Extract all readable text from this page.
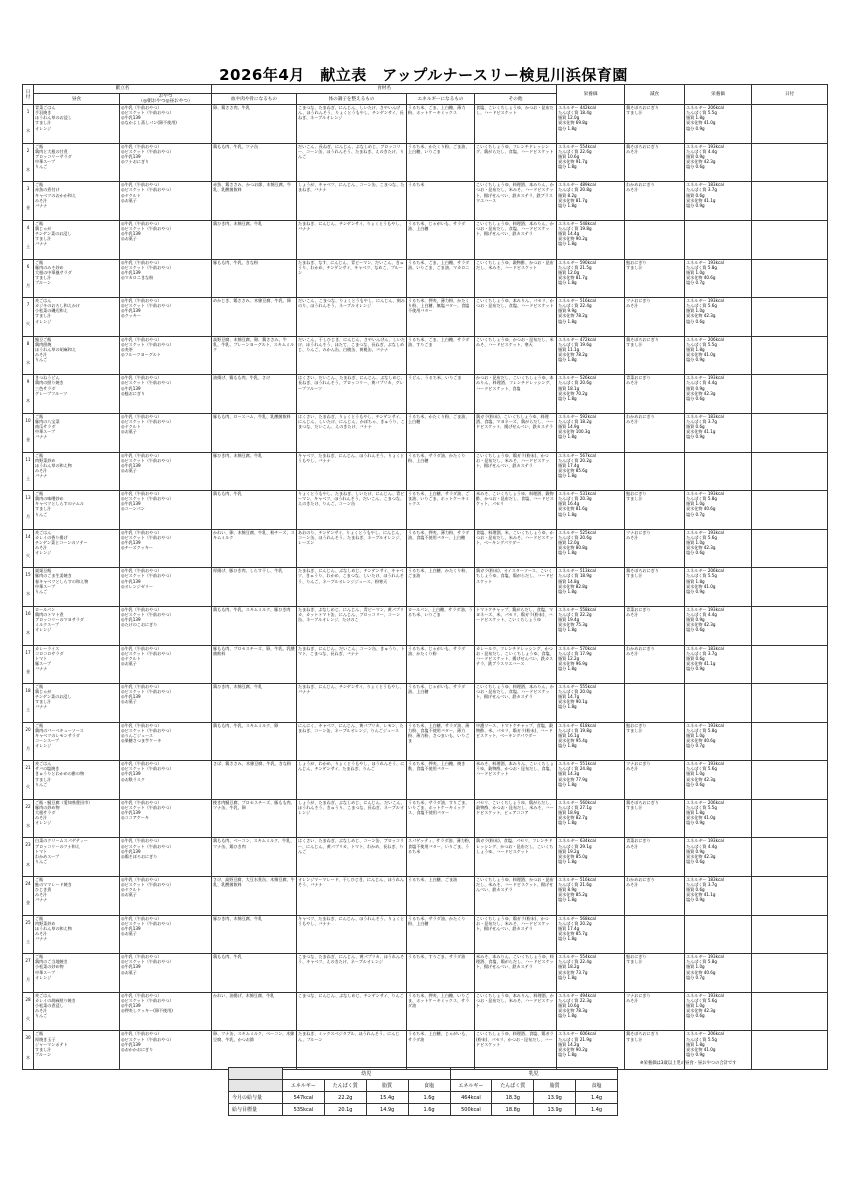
2026年4月　献立表　アップルナースリー検見川浜保育園
日付	献立名		食材名				栄養価	減食	栄養価	日付
	昼食	おやつ
（◎朝おやつ◎昼おやつ）	血や肉や骨になるもの	体の調子を整えるもの	エネルギーになるもの	その他				

1
水	青菜ごはん
手羽焼き
ほうれん草のお浸し
すまし汁
オレンジ	◎牛乳（午前おやつ）
◎ビスケット（午前おやつ）
◎牛乳139
◎なかよし蒸しパン(卵不使用)	卵、鶏ささ肉、牛乳	こまつな、たまねぎ、にんじん、しいたけ、さやいんげん、ほうれんそう、りょくとうもやし、チンゲンサイ、長ねぎ、ネーブルオレンジ	うるち米、ごま、上白糖、薄力粉、ホットケーキミックス	食塩、こいくちしょうゆ、かつお・昆布だし、ハードビスケット	エネルギー 442kcal
たんぱく質 18.4g
脂質 12.0g
炭水化物 69.8g
塩分 1.8g	鶏そぼろおにぎり
すまし汁	エネルギー 206kcal
たんぱく質 5.5g
脂質 1.8g
炭水化物 41.0g
塩分 0.9g	

2
木	ご飯
鶏肉と大根の甘煮
ブロッコリーサラダ
中華スープ
りんご	◎牛乳（午前おやつ）
◎ビスケット（午前おやつ）
◎牛乳139
◎ツナおにぎり	鶏もも肉、牛乳、ツナ缶	だいこん、長ねぎ、にんじん、ぶなしめじ、ブロッコリー、コーン缶、ほうれんそう、たまねぎ、えのきたけ、りんご	うるち米、かたくり粉、ごま油、上白糖、いりごま	こいくちしょうゆ、フレンチドレッシング、鶏がらだし、食塩、ハードビスケット	エネルギー 554kcal
たんぱく質 22.6g
脂質 10.6g
炭水化物 91.7g
塩分 1.8g	鶏そぼろおにぎり
みそ汁	エネルギー 193kcal
たんぱく質 4.4g
脂質 0.9g
炭水化物 42.3g
塩分 0.6g	

3
金	ご飯
赤魚の煮付け
キャベツのおかか和え
みそ汁
バナナ	◎牛乳（午前おやつ）
◎ビスケット（午前おやつ）
◎ヤクルト
◎お菓子	赤魚、鶏ささみ、かつお節、木綿豆腐、牛乳、乳酸菌飲料	しょうが、キャベツ、にんじん、コーン缶、こまつな、たまねぎ、バナナ	うるち米	こいくちしょうゆ、料理酒、本みりん、かつお・昆布だし、米みそ、ハードビスケット、揚げせんべい、鉄カステラ、鉄ブラスワエハース	エネルギー 489kcal
たんぱく質 20.8g
脂質 8.2g
炭水化物 81.7g
塩分 1.8g	わかめおにぎり
みそ汁	エネルギー 183kcal
たんぱく質 3.7g
脂質 0.6g
炭水化物 41.1g
塩分 0.9g	

4
土	ご飯
鶏じゃが
チンゲン菜のお浸し
すまし汁
バナナ	◎牛乳（午前おやつ）
◎ビスケット（午前おやつ）
◎牛乳139
◎お菓子	鶏ひき肉、木綿豆腐、牛乳	たまねぎ、にんじん、チンゲンサイ、りょくとうもやし、バナナ	うるち米、じゃがいも、サラダ油、上白糖	こいくちしょうゆ、料理酒、本みりん、かつお・昆布だし、食塩、ハードビスケット、揚げせんべい、鉄カステラ	エネルギー 548kcal
たんぱく質 19.8g
脂質 14.4g
炭水化物 90.2g
塩分 1.8g			

6
月	ご飯
豚肉のみそ炒め
大根の中華風サラダ
すまし汁
プルーン	◎牛乳（午前おやつ）
◎ビスケット（午前おやつ）
◎牛乳139
◎マカロニきな粉	豚もも肉、牛乳、きな粉	たまねぎ、なす、にんじん、青ピーマン、だいこん、きゅうり、わかめ、チンゲンサイ、キャベツ、なめこ、プルーン	うるち米、ごま、上白糖、サラダ油、いりごま、ごま油、マカロニ	こいくちしょうゆ、穀物酢、かつお・昆布だし、米みそ、ハードビスケット	エネルギー 590kcal
たんぱく質 21.5g
脂質 12.0g
炭水化物 81.7g
塩分 1.8g	鮭おにぎり
すまし汁	エネルギー 193kcal
たんぱく質 5.8g
脂質 1.0g
炭水化物 40.6g
塩分 0.7g	

7
火	麦ごはん
カジキのおろし和えかけ
小松菜の磯辺和え
すまし汁
オレンジ	◎牛乳（午前おやつ）
◎ビスケット（午前おやつ）
◎牛乳139
◎クッキー	めかじき、鶏ささみ、木綿豆腐、牛乳、卵	だいこん、こまつな、りょくとうもやし、にんじん、刻みのり、ほうれんそう、ネーブルオレンジ	うるち米、押麦、薄力粉、かたくり粉、上白糖、無塩バター、食塩不使用バター	こいくちしょうゆ、本みりん、パセリ、かつお・昆布だし、食塩、ハードビスケット	エネルギー 516kcal
たんぱく質 22.4g
脂質 9.9g
炭水化物 78.2g
塩分 1.8g	ツナおにぎり
みそ汁	エネルギー 193kcal
たんぱく質 5.6g
脂質 1.0g
炭水化物 42.3g
塩分 0.6g	

8
水	鯖豆ご飯
鶏肉照焼
ほうれん草の胡麻和え
みそ汁
りんご	◎牛乳（午前おやつ）
◎ビスケット（午前おやつ）
◎麦茶
◎フルーツヨーグルト	高野豆腐、木綿豆腐、卵、鶏ささみ、牛乳、牛乳、プレーンヨーグルト、スキムミルク	だいこん、干しひじき、にんじん、さやいんげん、しいたけ、ほうれんそう、ほたて、こまつな、長ねぎ、ぶなしめじ、りんご、みかん缶、白桃缶、黄桃缶、バナナ	うるち米、ごま、上白糖、サラダ油、すりごま	こいくちしょうゆ、かつお・昆布だし、米みそ、ハードビスケット、寒天	エネルギー 472kcal
たんぱく質 19.6g
脂質 11.1g
炭水化物 78.2g
塩分 1.8g	鶏そぼろおにぎり
すまし汁	エネルギー 206kcal
たんぱく質 5.5g
脂質 1.8g
炭水化物 41.0g
塩分 0.9g	

9
木	きつねうどん
鶏肉の照り焼き
三色サラダ
グレープフルーツ	◎牛乳（午前おやつ）
◎ビスケット（午前おやつ）
◎牛乳139
◎鮭おにぎり	油揚げ、鶏もも肉、牛乳、さけ	はくさい、だいこん、たまねぎ、にんじん、ぶなしめじ、長ねぎ、ほうれんそう、ブロッコリー、黄パプリカ、グレープフルーツ	うどん、うるち米、いりごま	かつお・昆布だし、こいくちしょうゆ、本みりん、料理酒、フレンチドレッシング、ハードビスケット、食塩	エネルギー 526kcal
たんぱく質 20.6g
脂質 18.1g
炭水化物 70.2g
塩分 1.8g	青菜おにぎり
みそ汁	エネルギー 193kcal
たんぱく質 4.4g
脂質 0.9g
炭水化物 42.3g
塩分 0.6g	

10
金	ご飯
豚肉の八宝菜
南瓜サラダ
中華スープ
バナナ	◎牛乳（午前おやつ）
◎ビスケット（午前おやつ）
◎ヤクルト
◎お菓子	豚もも肉、ロースハム、牛乳、乳酸菌飲料	はくさい、たまねぎ、りょくとうもやし、チンゲンサイ、にんじん、しいたけ、にんじん、かぼちゃ、きゅうり、こまつな、だいこん、えのきたけ、バナナ	うるち米、かたくり粉、ごま油、上白糖	鶏ガラ(粉末)、こいくちしょうゆ、料理酒、食塩、マヨネーズ、鶏がらだし、ハードビスケット、揚げせんべい、鉄カステラ	エネルギー 592kcal
たんぱく質 18.2g
脂質 14.9g
炭水化物 100.3g
塩分 1.8g	わかめおにぎり
みそ汁	エネルギー 183kcal
たんぱく質 3.7g
脂質 0.6g
炭水化物 41.1g
塩分 0.9g	

11
土	ご飯
肉野菜炒め
ほうれん草の和え物
みそ汁
バナナ	◎牛乳（午前おやつ）
◎ビスケット（午前おやつ）
◎牛乳139
◎お菓子	豚ひき肉、木綿豆腐、牛乳	キャベツ、たまねぎ、にんじん、ほうれんそう、りょくとうもやし、バナナ	うるち米、サラダ油、かたくり粉、上白糖	こいくちしょうゆ、鶏ガラ(粉末)、かつお・昆布だし、米みそ、ハードビスケット、揚げせんべい、鉄カステラ	エネルギー 567kcal
たんぱく質 20.2g
脂質 17.4g
炭水化物 85.6g
塩分 1.8g			

13
月	ご飯
鶏肉の味噌炒め
キャベツとしらすのナムル
すまし汁
りんご	◎牛乳（午前おやつ）
◎ビスケット（午前おやつ）
◎牛乳139
◎コーンパン	鶏もも肉、牛乳	りょくとうもやし、たまねぎ、しいたけ、にんじん、青ピーマン、キャベツ、ほうれんそう、だいこん、こまつな、えのきたけ、りんご、コーン缶	うるち米、上白糖、サラダ油、ごま油、いりごま、ホットケーキミックス	米みそ、こいくちしょうゆ、料理酒、穀物酢、かつお・昆布だし、食塩、ハードビスケット、パセリ	エネルギー 531kcal
たんぱく質 20.3g
脂質 16.4g
炭水化物 81.6g
塩分 1.8g	鮭おにぎり
すまし汁	エネルギー 193kcal
たんぱく質 5.8g
脂質 1.0g
炭水化物 40.6g
塩分 0.7g	

14
火	麦ごはん
カレイの香り揚げ
チンゲン菜とコーンのソテー
みそ汁
オレンジ	◎牛乳（午前おやつ）
◎ビスケット（午前おやつ）
◎牛乳139
◎チーズクッキー	かれい、卵、木綿豆腐、牛乳、粉チーズ、スキムミルク	あおのり、チンゲンサイ、りょくとうもやし、にんじん、コーン缶、ほうれんそう、たまねぎ、ネーブルオレンジ、レーズン	うるち米、押麦、薄力粉、サラダ油、食塩不使用バター、上白糖	食塩、料理酒、米、こいくちしょうゆ、かつお・昆布だし、米みそ、ハードビスケット、ベーキングパウダー	エネルギー 525kcal
たんぱく質 20.6g
脂質 12.0g
炭水化物 80.8g
塩分 1.8g	ツナおにぎり
みそ汁	エネルギー 193kcal
たんぱく質 5.6g
脂質 1.0g
炭水化物 42.3g
塩分 0.6g	

15
水	栗栗豆飯
豚肉のごま生姜焼き
春キャベツとしらすの和え物
中華スープ
りんご	◎牛乳（午前おやつ）
◎ビスケット（午前おやつ）
◎牛乳139
◎オレンジゼリー	厚揚げ、豚ひき肉、しらす干し、牛乳	たまねぎ、にんじん、ぶなしめじ、チンゲンサイ、キャベツ、きゅうり、わかめ、こまつな、しいたけ、ほうれんそう、りんご、ネーブルオレンジジュース、粉寒天	うるち米、上白糖、かたくり粉、ごま油	鶏ガラ(粉末)、オイスターソース、こいくちしょうゆ、食塩、鶏がらだし、ハードビスケット	エネルギー 513kcal
たんぱく質 18.9g
脂質 14.8g
炭水化物 82.8g
塩分 1.8g	鶏そぼろおにぎり
すまし汁	エネルギー 206kcal
たんぱく質 5.5g
脂質 1.8g
炭水化物 41.0g
塩分 0.9g	

16
木	ロールパン
鶏肉のトマト煮
ブロッコリーのマヨサラダ
ミルクスープ
オレンジ	◎牛乳（午前おやつ）
◎ビスケット（午前おやつ）
◎牛乳139
◎たけのこおにぎり	鶏もも肉、牛乳、スキムミルク、豚ひき肉	たまねぎ、ぶなしめじ、にんじん、青ピーマン、黄パプリカ、カットトマト缶、にんじん、ブロッコリー、コーン缶、ネーブルオレンジ、たけのこ	ロールパン、上白糖、サラダ油、うるち米、いりごま	トマトケチャップ、鶏がらだし、食塩、マヨネーズ、米、パセリ、鶏ガラ(粉末)、ハードビスケット、こいくちしょうゆ	エネルギー 558kcal
たんぱく質 22.2g
脂質 19.4g
炭水化物 75.3g
塩分 1.8g	青菜おにぎり
みそ汁	エネルギー 193kcal
たんぱく質 4.4g
脂質 0.9g
炭水化物 42.3g
塩分 0.6g	

17
金	カレーライス
コロコロサラダ
トマト
豚スープ
バナナ	◎牛乳（午前おやつ）
◎ビスケット（午前おやつ）
◎ヤクルト
◎お菓子	豚もも肉、プロセスチーズ、卵、牛乳、乳酸菌飲料	たまねぎ、にんじん、だいこん、コーン缶、きゅうり、トマト、こまつな、長ねぎ、バナナ	うるち米、じゃがいも、サラダ油、かたくり粉	カレールウ、フレンチドレッシング、かつお・昆布だし、こいくちしょうゆ、食塩、ハードビスケット、揚げせんべい、鉄カステラ、鉄ブラスワエハース	エネルギー 570kcal
たんぱく質 17.9g
脂質 12.2g
炭水化物 96.9g
塩分 1.8g	わかめおにぎり
みそ汁	エネルギー 183kcal
たんぱく質 3.7g
脂質 0.6g
炭水化物 41.1g
塩分 0.9g	

18
土	ご飯
鶏じゃが
チンゲン菜のお浸し
すまし汁
バナナ	◎牛乳（午前おやつ）
◎ビスケット（午前おやつ）
◎牛乳139
◎お菓子	鶏ひき肉、木綿豆腐、牛乳	たまねぎ、にんじん、チンゲンサイ、りょくとうもやし、バナナ	うるち米、じゃがいも、サラダ油、上白糖	こいくちしょうゆ、料理酒、本みりん、かつお・昆布だし、食塩、ハードビスケット、揚げせんべい、鉄カステラ	エネルギー 555kcal
たんぱく質 20.0g
脂質 14.7g
炭水化物 90.1g
塩分 1.8g			

20
月	ご飯
鶏肉のバーベキューソース
キャベツのレモンサラダ
コーンスープ
オレンジ	◎牛乳（午前おやつ）
◎ビスケット（午前おやつ）
◎りんごジュース
◎果糖さつま芋ケーキ	鶏もも肉、牛乳、スキムミルク、卵	にんにく、キャベツ、にんじん、黄パプリカ、レモン、たまねぎ、コーン缶、ネーブルオレンジ、りんごジュース	うるち米、上白糖、サラダ油、薄力粉、食塩不使用バター、薄力粉、薄力粉、さつまいも、いりごま	中濃ソース、トマトケチャップ、食塩、穀物酢、米、パセリ、鶏ガラ(粉末)、ハードビスケット、ベーキングパウダー	エネルギー 618kcal
たんぱく質 19.8g
脂質 16.1g
炭水化物 95.4g
塩分 1.8g	鮭おにぎり
すまし汁	エネルギー 193kcal
たんぱく質 5.8g
脂質 1.0g
炭水化物 40.6g
塩分 0.7g	

21
火	麦ごはん
サバの塩焼き
きゅうりとわかめの酢の物
すまし汁
りんご	◎牛乳（午前おやつ）
◎ビスケット（午前おやつ）
◎牛乳139
◎お麩ラスク	さば、鶏ささみ、木綿豆腐、牛乳、きな粉	しょうが、わかめ、りょくとうもやし、ほうれんそう、にんじん、チンゲンサイ、たまねぎ、りんご	うるち米、押麦、上白糖、焼き麩、食塩不使用バター	米みそ、料理酒、本みりん、こいくちしょうゆ、穀物酢、かつお・昆布だし、食塩、ハードビスケット	エネルギー 551kcal
たんぱく質 24.8g
脂質 14.3g
炭水化物 77.9g
塩分 1.8g	ツナおにぎり
みそ汁	エネルギー 193kcal
たんぱく質 5.6g
脂質 1.0g
炭水化物 42.3g
塩分 0.6g	

22
水	ご飯・鯖豆腐（愛知県豊田市）
豚肉の炒め物
大根サラダ
みそ汁
オレンジ	◎牛乳（午前おやつ）
◎ビスケット（午前おやつ）
◎牛乳139
◎ココアケーキ	挽き肉鯖豆腐、プロセスチーズ、豚もも肉、ツナ缶、牛乳、卵	しょうが、たまねぎ、ぶなしめじ、にんじん、だいこん、ほうれんそう、きゅうり、こまつな、長ねぎ、ネーブルオレンジ	うるち米、サラダ油、すりごま、いりごま、ホットケーキミックス、食塩不使用バター	パセリ、こいくちしょうゆ、鶏がらだし、穀物酢、かつお・昆布だし、米みそ、ハードビスケット、ピュアココア	エネルギー 560kcal
たんぱく質 27.1g
脂質 18.9g
炭水化物 82.7g
塩分 1.8g	鶏そぼろおにぎり
すまし汁	エネルギー 206kcal
たんぱく質 5.5g
脂質 1.8g
炭水化物 41.0g
塩分 0.9g	

23
木	白菜のクリームスパゲティー
ブロッコリーのツナ和え
トマト
わかめスープ
りんご	◎牛乳（午前おやつ）
◎ビスケット（午前おやつ）
◎牛乳139
◎鶏そぼろおにぎり	鶏もも肉、ベーコン、スキムミルク、牛乳、ツナ缶、鶏ひき肉	はくさい、たまねぎ、ぶなしめじ、コーン缶、ブロッコリー、にんじん、黄パプリカ、トマト、わかめ、長ねぎ、りんご	スパゲッティ、サラダ油、薄力粉、食塩不使用バター、いりごま、うるち米	鶏ガラ(粉末)、食塩、パセリ、フレンチドレッシング、かつお・昆布だし、こいくちしょうゆ、ハードビスケット	エネルギー 634kcal
たんぱく質 29.1g
脂質 19.2g
炭水化物 85.0g
塩分 1.8g	青菜おにぎり
みそ汁	エネルギー 193kcal
たんぱく質 4.4g
脂質 0.9g
炭水化物 42.3g
塩分 0.6g	

24
金	ご飯
鮭のママレード焼き
ひじき煮
みそ汁
バナナ	◎牛乳（午前おやつ）
◎ビスケット（午前おやつ）
◎ヤクルト
◎お菓子	さけ、高野豆腐、大豆水煮缶、木綿豆腐、牛乳、乳酸菌飲料	オレンジマーマレード、干しひじき、にんじん、ほうれんそう、バナナ	うるち米、上白糖、ごま油	こいくちしょうゆ、料理酒、かつお・昆布だし、米みそ、ハードビスケット、揚げせんべい、鉄カステラ	エネルギー 516kcal
たんぱく質 21.6g
脂質 8.9g
炭水化物 85.2g
塩分 1.8g	わかめおにぎり
みそ汁	エネルギー 183kcal
たんぱく質 3.7g
脂質 0.6g
炭水化物 41.1g
塩分 0.9g	

25
土	ご飯
肉野菜炒め
ほうれん草の和え物
みそ汁
バナナ	◎牛乳（午前おやつ）
◎ビスケット（午前おやつ）
◎牛乳139
◎お菓子	豚ひき肉、木綿豆腐、牛乳	キャベツ、たまねぎ、にんじん、ほうれんそう、りょくとうもやし、バナナ	うるち米、サラダ油、かたくり粉、上白糖	こいくちしょうゆ、鶏ガラ(粉末)、かつお・昆布だし、米みそ、ハードビスケット、揚げせんべい、鉄カステラ	エネルギー 568kcal
たんぱく質 20.2g
脂質 17.4g
炭水化物 85.7g
塩分 1.8g			

27
月	ご飯
鶏肉のご当地焼き
小松菜の炒め物
中華スープ
オレンジ	◎牛乳（午前おやつ）
◎ビスケット（午前おやつ）
◎牛乳139
◎お菓子	鶏もも肉、牛乳	こまつな、たまねぎ、にんじん、黄パプリカ、ほうれんそう、キャベツ、えのきたけ、ネーブルオレンジ	うるち米、すりごま、サラダ油	米みそ、本みりん、こいくちしょうゆ、料理酒、食塩、鶏がらだし、ハードビスケット、揚げせんべい、鉄カステラ	エネルギー 554kcal
たんぱく質 22.4g
脂質 18.2g
炭水化物 73.7g
塩分 1.8g	鮭おにぎり
すまし汁	エネルギー 193kcal
たんぱく質 5.8g
脂質 1.0g
炭水化物 40.6g
塩分 0.7g	

28
火	麦ごはん
カレイの胡麻照り焼き
小松菜の煮浸し
みそ汁
りんご	◎牛乳（午前おやつ）
◎ビスケット（午前おやつ）
◎牛乳139
◎押麦しクッキー(卵不使用)	かれい、油揚げ、木綿豆腐、牛乳	こまつな、にんじん、ぶなしめじ、チンゲンサイ、りんご	うるち米、押麦、上白糖、いりごま、ホットケーキミックス、サラダ油	こいくちしょうゆ、本みりん、料理酒、かつお・昆布だし、米みそ、ハードビスケット	エネルギー 494kcal
たんぱく質 22.3g
脂質 10.6g
炭水化物 78.3g
塩分 1.8g	ツナおにぎり
みそ汁	エネルギー 193kcal
たんぱく質 5.6g
脂質 1.0g
炭水化物 42.3g
塩分 0.6g	

30
木	ご飯
厚焼き玉子
ジャーマンポテト
すまし汁
プルーン	◎牛乳（午前おやつ）
◎ビスケット（午前おやつ）
◎牛乳139
◎おかかおにぎり	卵、ツナ缶、スキムミルク、ベーコン、木綿豆腐、牛乳、かつお節	たまねぎ、ミックスベジタブル、ほうれんそう、にんじん、プルーン	うるち米、上白糖、じゃがいも、サラダ油	こいくちしょうゆ、料理酒、食塩、鶏ガラ(粉末)、パセリ、かつお・昆布だし、ハードビスケット	エネルギー 606kcal
たんぱく質 21.9g
脂質 14.2g
炭水化物 90.2g
塩分 1.8g	鶏そぼろおにぎり
すまし汁	エネルギー 206kcal
たんぱく質 5.5g
脂質 1.8g
炭水化物 41.0g
塩分 0.9g	
※栄養価は3歳以上児の昼食・昼おやつの合計です
	幼児				乳児			
	エネルギー	たんぱく質	脂質	食塩	エネルギー	たんぱく質	脂質	食塩
今月の給与量	547kcal	22.2g	15.4g	1.6g	464kcal	18.3g	13.9g	1.4g
給与目標量	535kcal	20.1g	14.9g	1.6g	500kcal	18.8g	13.9g	1.4g
